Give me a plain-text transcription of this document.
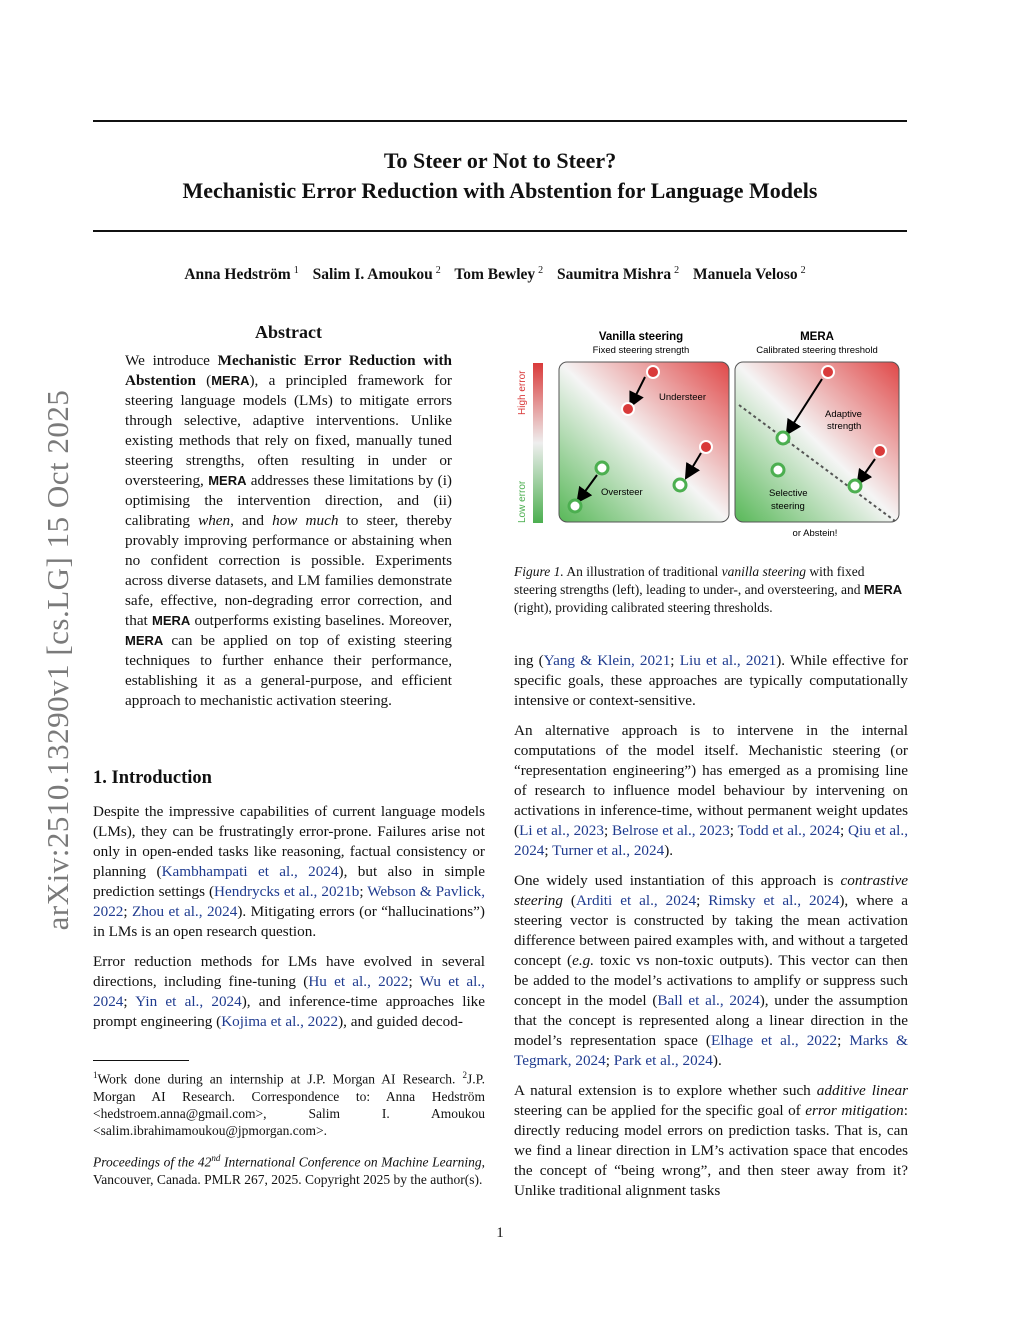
arXiv:2510.13290v1 [cs.LG] 15 Oct 2025
To Steer or Not to Steer?
Mechanistic Error Reduction with Abstention for Language Models
Anna Hedström $^1$ Salim I. Amoukou $^2$ Tom Bewley $^2$ Saumitra Mishra $^2$ Manuela Veloso $^2$
Abstract
We introduce Mechanistic Error Reduction with Abstention (MERA), a principled framework for steering language models (LMs) to mitigate errors through selective, adaptive interventions. Unlike existing methods that rely on fixed, manually tuned steering strengths, often resulting in under or oversteering, MERA addresses these limitations by (i) optimising the intervention direction, and (ii) calibrating when, and how much to steer, thereby provably improving performance or abstaining when no confident correction is possible. Experiments across diverse datasets, and LM families demonstrate safe, effective, non-degrading error correction, and that MERA outperforms existing baselines. Moreover, MERA can be applied on top of existing steering techniques to further enhance their performance, establishing it as a general-purpose, and efficient approach to mechanistic activation steering.
1. Introduction

Despite the impressive capabilities of current language models (LMs), they can be frustratingly error-prone. Failures arise not only in open-ended tasks like reasoning, factual consistency or planning (Kambhampati et al., 2024), but also in simple prediction settings (Hendrycks et al., 2021b; Webson & Pavlick, 2022; Zhou et al., 2024). Mitigating errors (or “hallucinations”) in LMs is an open research question.

Error reduction methods for LMs have evolved in several directions, including fine-tuning (Hu et al., 2022; Wu et al., 2024; Yin et al., 2024), and inference-time approaches like prompt engineering (Kojima et al., 2022), and guided decod-

$^1$Work done during an internship at J.P. Morgan AI Research. $^2$J.P. Morgan AI Research. Correspondence to: Anna Hedström <hedstroem.anna@gmail.com>, Salim I. Amoukou <salim.ibrahimamoukou@jpmorgan.com>.
Proceedings of the 42nd International Conference on Machine Learning, Vancouver, Canada. PMLR 267, 2025. Copyright 2025 by the author(s).
High error
Low error
Vanilla steering
Fixed steering strength
Understeer
Oversteer
MERA
Calibrated steering threshold
Adaptive
strength
Selective
steering
or Abstein!
Figure 1. An illustration of traditional vanilla steering with fixed steering strengths (left), leading to under-, and oversteering, and MERA (right), providing calibrated steering thresholds.

ing (Yang & Klein, 2021; Liu et al., 2021). While effective for specific goals, these approaches are typically computationally intensive or context-sensitive.

An alternative approach is to intervene in the internal computations of the model itself. Mechanistic steering (or “representation engineering”) has emerged as a promising line of research to influence model behaviour by intervening on activations in inference-time, without permanent weight updates (Li et al., 2023; Belrose et al., 2023; Todd et al., 2024; Qiu et al., 2024; Turner et al., 2024).

One widely used instantiation of this approach is contrastive steering (Arditi et al., 2024; Rimsky et al., 2024), where a steering vector is constructed by taking the mean activation difference between paired examples with, and without a targeted concept (e.g. toxic vs non-toxic outputs). This vector can then be added to the model’s activations to amplify or suppress such concept in the model (Ball et al., 2024), under the assumption that the concept is represented along a linear direction in the model’s representation space (Elhage et al., 2022; Marks & Tegmark, 2024; Park et al., 2024).

A natural extension is to explore whether such additive linear steering can be applied for the specific goal of error mitigation: directly reducing model errors on prediction tasks. That is, can we find a linear direction in LM’s activation space that encodes the concept of “being wrong”, and then steer away from it? Unlike traditional alignment tasks

1
